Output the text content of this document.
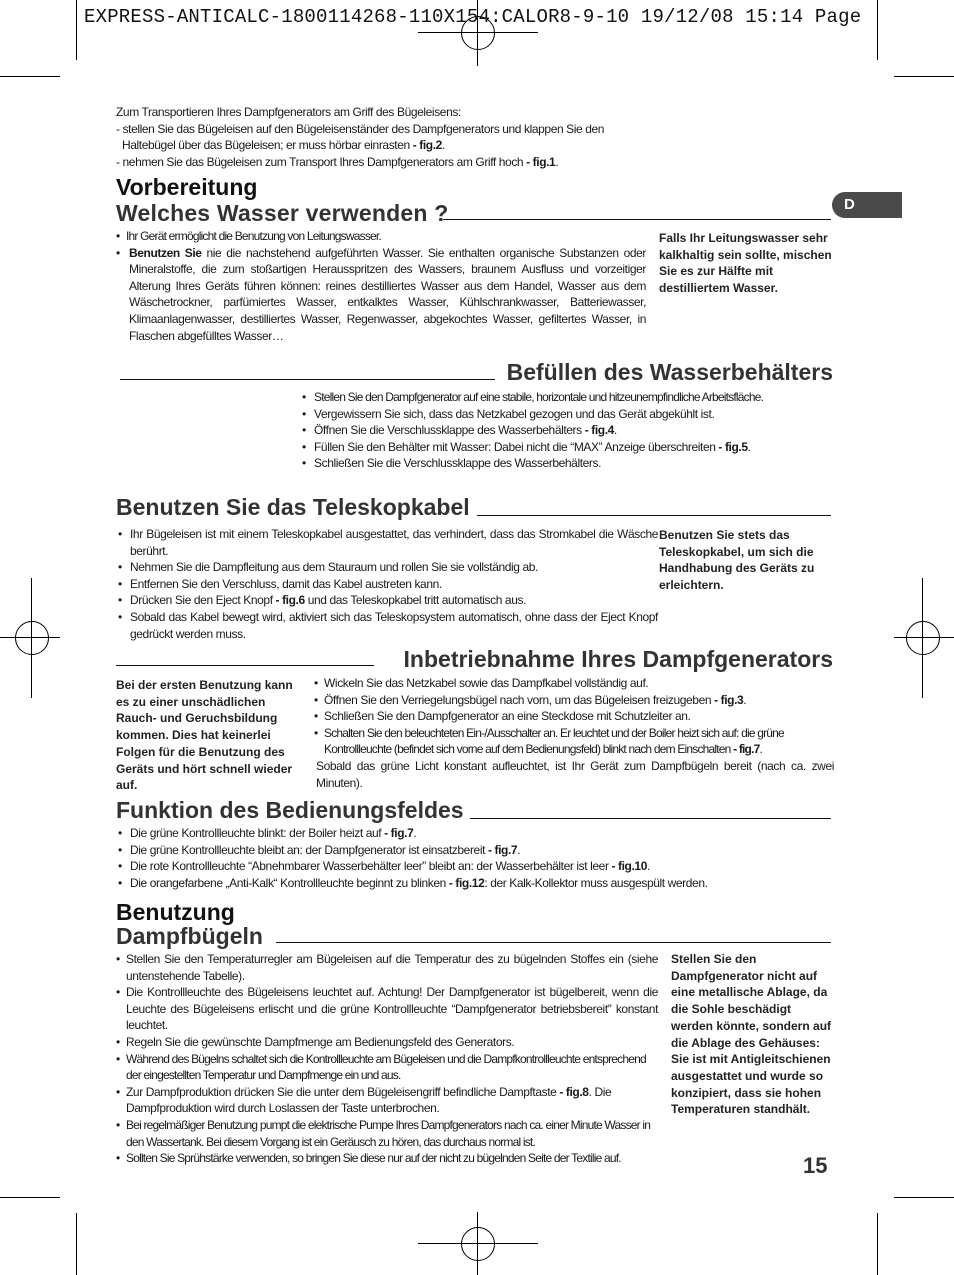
EXPRESS-ANTICALC-1800114268-110X154:CALOR8-9-10 19/12/08 15:14 Page
D

Zum Transportieren Ihres Dampfgenerators am Griff des Bügeleisens:

- stellen Sie das Bügeleisen auf den Bügeleisenständer des Dampfgenerators und klappen Sie den

Haltebügel über das Bügeleisen; er muss hörbar einrasten - fig.2.

- nehmen Sie das Bügeleisen zum Transport Ihres Dampfgenerators am Griff hoch - fig.1.

Vorbereitung
Welches Wasser verwenden ?
• Ihr Gerät ermöglicht die Benutzung von Leitungswasser.
• Benutzen Sie nie die nachstehend aufgeführten Wasser. Sie enthalten organische Substanzen oder Mineralstoffe, die zum stoßartigen Herausspritzen des Wassers, braunem Ausfluss und vorzeitiger Alterung Ihres Geräts führen können: reines destilliertes Wasser aus dem Handel, Wasser aus dem Wäschetrockner, parfümiertes Wasser, entkalktes Wasser, Kühlschrankwasser, Batteriewasser, Klimaanlagenwasser, destilliertes Wasser, Regenwasser, abgekochtes Wasser, gefiltertes Wasser, in Flaschen abgefülltes Wasser…
Falls Ihr Leitungswasser sehr kalkhaltig sein sollte, mischen Sie es zur Hälfte mit destilliertem Wasser.
Befüllen des Wasserbehälters
• Stellen Sie den Dampfgenerator auf eine stabile, horizontale und hitzeunempfindliche Arbeitsfläche.
• Vergewissern Sie sich, dass das Netzkabel gezogen und das Gerät abgekühlt ist.
• Öffnen Sie die Verschlussklappe des Wasserbehälters - fig.4.
• Füllen Sie den Behälter mit Wasser: Dabei nicht die “MAX” Anzeige überschreiten - fig.5.
• Schließen Sie die Verschlussklappe des Wasserbehälters.
Benutzen Sie das Teleskopkabel
• Ihr Bügeleisen ist mit einem Teleskopkabel ausgestattet, das verhindert, dass das Stromkabel die Wäsche berührt.
• Nehmen Sie die Dampfleitung aus dem Stauraum und rollen Sie sie vollständig ab.
• Entfernen Sie den Verschluss, damit das Kabel austreten kann.
• Drücken Sie den Eject Knopf - fig.6 und das Teleskopkabel tritt automatisch aus.
• Sobald das Kabel bewegt wird, aktiviert sich das Teleskopsystem automatisch, ohne dass der Eject Knopf gedrückt werden muss.
Benutzen Sie stets das Teleskopkabel, um sich die Handhabung des Geräts zu erleichtern.
Inbetriebnahme Ihres Dampfgenerators
Bei der ersten Benutzung kann es zu einer unschädlichen Rauch- und Geruchsbildung kommen. Dies hat keinerlei Folgen für die Benutzung des Geräts und hört schnell wieder auf.
• Wickeln Sie das Netzkabel sowie das Dampfkabel vollständig auf.
• Öffnen Sie den Verriegelungsbügel nach vorn, um das Bügeleisen freizugeben - fig.3.
• Schließen Sie den Dampfgenerator an eine Steckdose mit Schutzleiter an.
• Schalten Sie den beleuchteten Ein-/Ausschalter an. Er leuchtet und der Boiler heizt sich auf: die grüne Kontrollleuchte (befindet sich vorne auf dem Bedienungsfeld) blinkt nach dem Einschalten - fig.7.

Sobald das grüne Licht konstant aufleuchtet, ist Ihr Gerät zum Dampfbügeln bereit (nach ca. zwei Minuten).

Funktion des Bedienungsfeldes
• Die grüne Kontrollleuchte blinkt: der Boiler heizt auf - fig.7.
• Die grüne Kontrollleuchte bleibt an: der Dampfgenerator ist einsatzbereit - fig.7.
• Die rote Kontrollleuchte “Abnehmbarer Wasserbehälter leer” bleibt an: der Wasserbehälter ist leer - fig.10.
• Die orangefarbene „Anti-Kalk“ Kontrollleuchte beginnt zu blinken - fig.12: der Kalk-Kollektor muss ausgespült werden.
Benutzung
Dampfbügeln
• Stellen Sie den Temperaturregler am Bügeleisen auf die Temperatur des zu bügelnden Stoffes ein (siehe untenstehende Tabelle).
• Die Kontrollleuchte des Bügeleisens leuchtet auf. Achtung! Der Dampfgenerator ist bügelbereit, wenn die Leuchte des Bügeleisens erlischt und die grüne Kontrollleuchte “Dampfgenerator betriebsbereit” konstant leuchtet.
• Regeln Sie die gewünschte Dampfmenge am Bedienungsfeld des Generators.
• Während des Bügelns schaltet sich die Kontrollleuchte am Bügeleisen und die Dampfkontrollleuchte entsprechend der eingestellten Temperatur und Dampfmenge ein und aus.
• Zur Dampfproduktion drücken Sie die unter dem Bügeleisengriff befindliche Dampftaste - fig.8. Die Dampfproduktion wird durch Loslassen der Taste unterbrochen.
• Bei regelmäßiger Benutzung pumpt die elektrische Pumpe Ihres Dampfgenerators nach ca. einer Minute Wasser in den Wassertank. Bei diesem Vorgang ist ein Geräusch zu hören, das durchaus normal ist.
• Sollten Sie Sprühstärke verwenden, so bringen Sie diese nur auf der nicht zu bügelnden Seite der Textilie auf.
Stellen Sie den Dampfgenerator nicht auf eine metallische Ablage, da die Sohle beschädigt werden könnte, sondern auf die Ablage des Gehäuses: Sie ist mit Antigleitschienen ausgestattet und wurde so konzipiert, dass sie hohen Temperaturen standhält.
15
